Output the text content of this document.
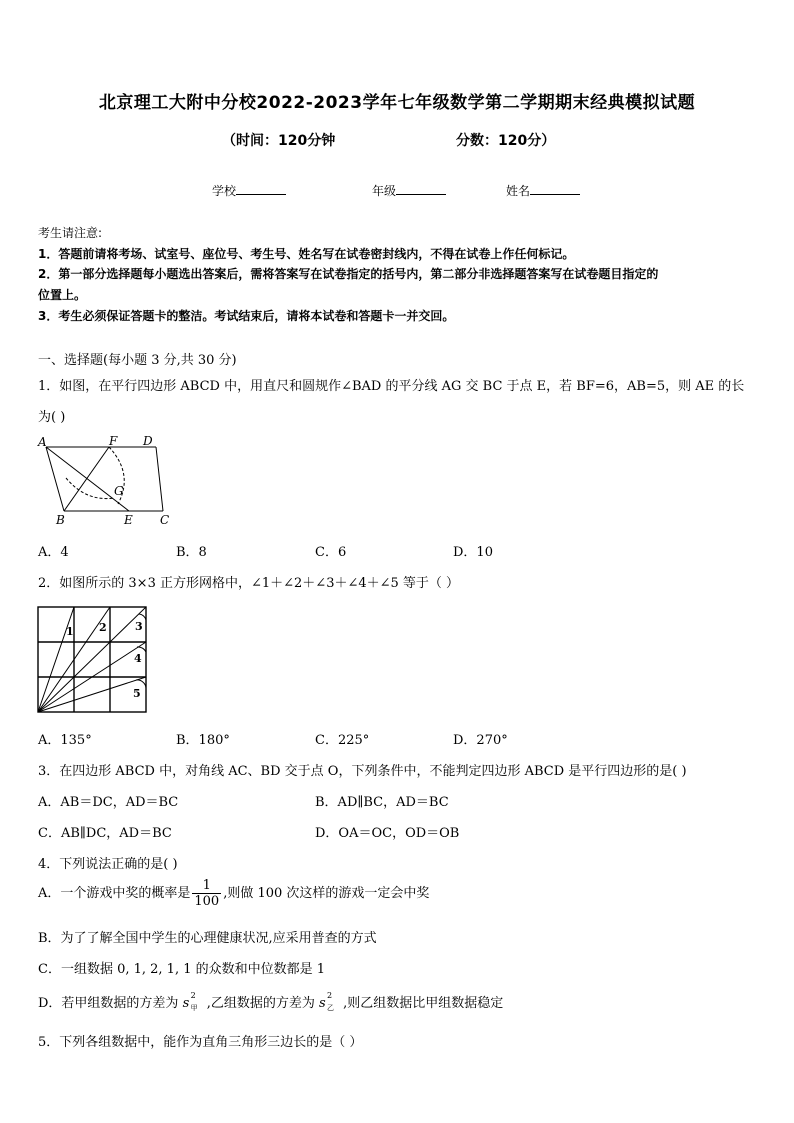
北京理工大附中分校2022-2023学年七年级数学第二学期期末经典模拟试题
（时间：120分钟	分数：120分）
学校	年级	姓名
考生请注意:
1．答题前请将考场、试室号、座位号、考生号、姓名写在试卷密封线内，不得在试卷上作任何标记。
2．第一部分选择题每小题选出答案后，需将答案写在试卷指定的括号内，第二部分非选择题答案写在试卷题目指定的
位置上。
3．考生必须保证答题卡的整洁。考试结束后，请将本试卷和答题卡一并交回。
一、选择题(每小题 3 分,共 30 分)
1．如图，在平行四边形 ABCD 中，用直尺和圆规作∠BAD 的平分线 AG 交 BC 于点 E，若 BF=6，AB=5，则 AE 的长
为( )
A	F D
G
B	E C
A．4	B．8	C．6	D．10
2．如图所示的 3×3 正方形网格中，∠1＋∠2＋∠3＋∠4＋∠5 等于（ ）
1 2	3
4
5
A．135°	B．180°	C．225°	D．270°
3．在四边形 ABCD 中，对角线 AC、BD 交于点 O，下列条件中，不能判定四边形 ABCD 是平行四边形的是( )
A．AB＝DC，AD＝BC	B．AD∥BC，AD＝BC
C．AB∥DC，AD＝BC	D．OA＝OC，OD＝OB
4．下列说法正确的是( )
A．一个游戏中奖的概率是 $\frac{1}{100}$ ,则做 100 次这样的游戏一定会中奖
B．为了了解全国中学生的心理健康状况,应采用普查的方式
C．一组数据 0, 1, 2, 1, 1 的众数和中位数都是 1
D．若甲组数据的方差为 s
2
甲 ,乙组数据的方差为 s
2
乙 ,则乙组数据比甲组数据稳定
5．下列各组数据中，能作为直角三角形三边长的是（ ）
